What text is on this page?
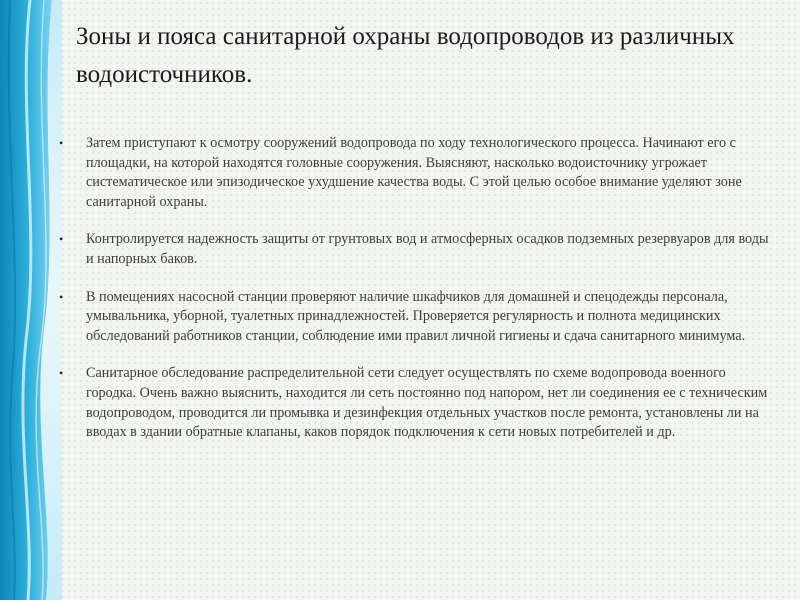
Зоны и пояса санитарной охраны водопроводов из различных водоисточников.
• Затем приступают к осмотру сооружений водопровода по ходу технологического процесса. Начинают его с площадки, на которой находятся головные сооружения. Выясняют, насколько водоисточнику угрожает систематическое или эпизодическое ухудшение качества воды. С этой целью особое внимание уделяют зоне санитарной охраны.
• Контролируется надежность защиты от грунтовых вод и атмосферных осадков подземных резервуаров для воды и напорных баков.
• В помещениях насосной станции проверяют наличие шкафчиков для домашней и спецодежды персонала, умывальника, уборной, туалетных принадлежностей. Проверяется регулярность и полнота медицинских обследований работников станции, соблюдение ими правил личной гигиены и сдача санитарного минимума.
• Санитарное обследование распределительной сети следует осуществлять по схеме водопровода военного городка. Очень важно выяснить, находится ли сеть постоянно под напором, нет ли соединения ее с техническим водопроводом, проводится ли промывка и дезинфекция отдельных участков после ремонта, установлены ли на вводах в здании обратные клапаны, каков порядок подключения к сети новых потребителей и др.
